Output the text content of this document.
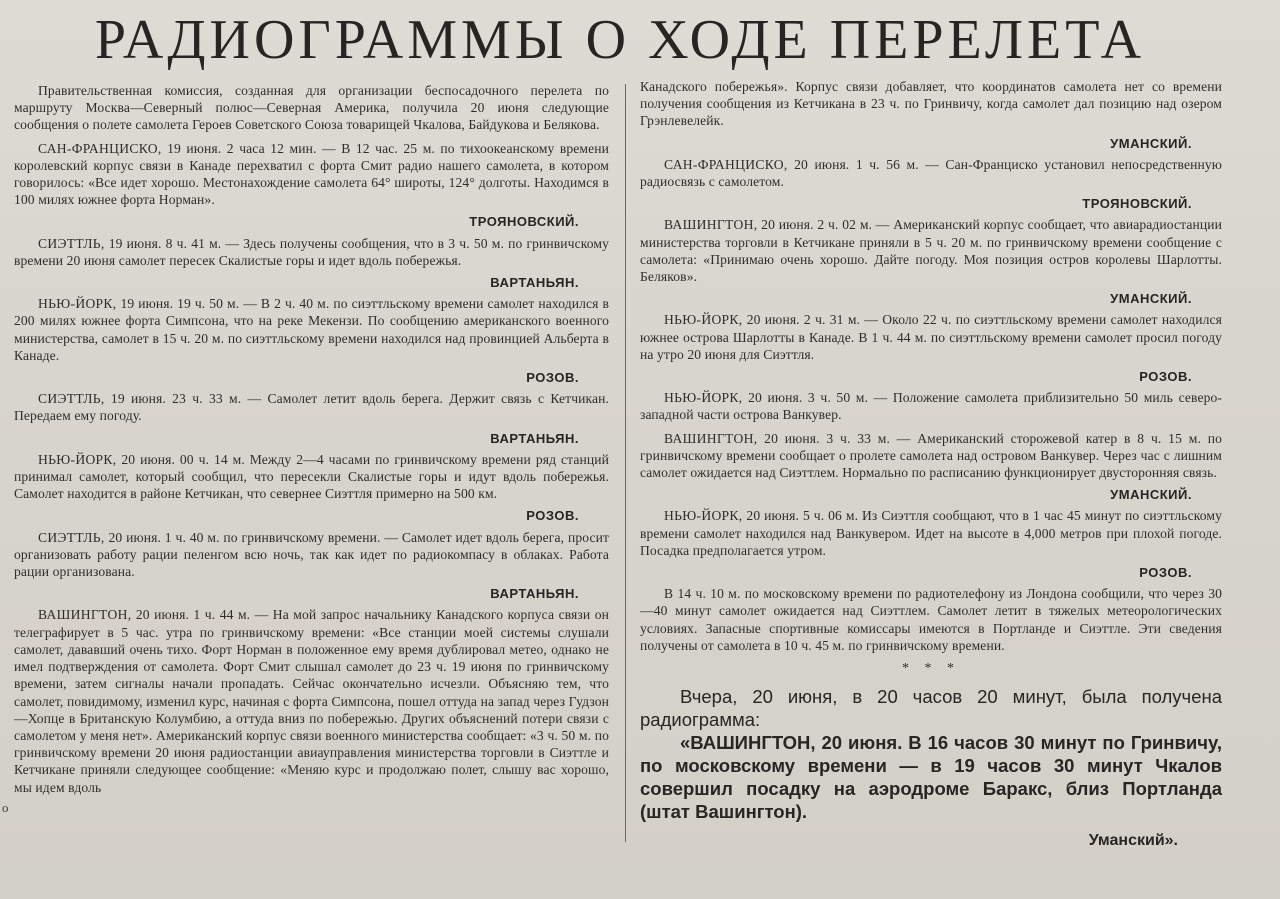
РАДИОГРАММЫ О ХОДЕ ПЕРЕЛЕТА

Правительственная комиссия, созданная для организации беспосадочного перелета по маршруту Москва—Северный полюс—Северная Америка, получила 20 июня следующие сообщения о полете самолета Героев Советского Союза товарищей Чкалова, Байдукова и Белякова.

САН-ФРАНЦИСКО, 19 июня. 2 часа 12 мин. — В 12 час. 25 м. по тихоокеанскому времени королевский корпус связи в Канаде перехватил с форта Смит радио нашего самолета, в котором говорилось: «Все идет хорошо. Местонахождение самолета 64° широты, 124° долготы. Находимся в 100 милях южнее форта Норман».

ТРОЯНОВСКИЙ.

СИЭТТЛЬ, 19 июня. 8 ч. 41 м. — Здесь получены сообщения, что в 3 ч. 50 м. по гринвичскому времени 20 июня самолет пересек Скалистые горы и идет вдоль побережья.

ВАРТАНЬЯН.

НЬЮ-ЙОРК, 19 июня. 19 ч. 50 м. — В 2 ч. 40 м. по сиэттльскому времени самолет находился в 200 милях южнее форта Симпсона, что на реке Мекензи. По сообщению американского военного министерства, самолет в 15 ч. 20 м. по сиэттльскому времени находился над провинцией Альберта в Канаде.

РОЗОВ.

СИЭТТЛЬ, 19 июня. 23 ч. 33 м. — Самолет летит вдоль берега. Держит связь с Кетчикан. Передаем ему погоду.

ВАРТАНЬЯН.

НЬЮ-ЙОРК, 20 июня. 00 ч. 14 м. Между 2—4 часами по гринвичскому времени ряд станций принимал самолет, который сообщил, что пересекли Скалистые горы и идут вдоль побережья. Самолет находится в районе Кетчикан, что севернее Сиэттля примерно на 500 км.

РОЗОВ.

СИЭТТЛЬ, 20 июня. 1 ч. 40 м. по гринвичскому времени. — Самолет идет вдоль берега, просит организовать работу рации пеленгом всю ночь, так как идет по радиокомпасу в облаках. Работа рации организована.

ВАРТАНЬЯН.

ВАШИНГТОН, 20 июня. 1 ч. 44 м. — На мой запрос начальнику Канадского корпуса связи он телеграфирует в 5 час. утра по гринвичскому времени: «Все станции моей системы слушали самолет, дававший очень тихо. Форт Норман в положенное ему время дублировал метео, однако не имел подтверждения от самолета. Форт Смит слышал самолет до 23 ч. 19 июня по гринвичскому времени, затем сигналы начали пропадать. Сейчас окончательно исчезли. Объясняю тем, что самолет, повидимому, изменил курс, начиная с форта Симпсона, пошел оттуда на запад через Гудзон—Хопце в Британскую Колумбию, а оттуда вниз по побережью. Других объяснений потери связи с самолетом у меня нет». Американский корпус связи военного министерства сообщает: «3 ч. 50 м. по гринвичскому времени 20 июня радиостанции авиауправления министерства торговли в Сиэттле и Кетчикане приняли следующее сообщение: «Меняю курс и продолжаю полет, слышу вас хорошо, мы идем вдоль

Канадского побережья». Корпус связи добавляет, что координатов самолета нет со времени получения сообщения из Кетчикана в 23 ч. по Гринвичу, когда самолет дал позицию над озером Грэнлевелейк.

УМАНСКИЙ.

САН-ФРАНЦИСКО, 20 июня. 1 ч. 56 м. — Сан-Франциско установил непосредственную радиосвязь с самолетом.

ТРОЯНОВСКИЙ.

ВАШИНГТОН, 20 июня. 2 ч. 02 м. — Американский корпус сообщает, что авиарадиостанции министерства торговли в Кетчикане приняли в 5 ч. 20 м. по гринвичскому времени сообщение с самолета: «Принимаю очень хорошо. Дайте погоду. Моя позиция остров королевы Шарлотты. Беляков».

УМАНСКИЙ.

НЬЮ-ЙОРК, 20 июня. 2 ч. 31 м. — Около 22 ч. по сиэттльскому времени самолет находился южнее острова Шарлотты в Канаде. В 1 ч. 44 м. по сиэттльскому времени самолет просил погоду на утро 20 июня для Сиэттля.

РОЗОВ.

НЬЮ-ЙОРК, 20 июня. 3 ч. 50 м. — Положение самолета приблизительно 50 миль северо-западной части острова Ванкувер.

ВАШИНГТОН, 20 июня. 3 ч. 33 м. — Американский сторожевой катер в 8 ч. 15 м. по гринвичскому времени сообщает о пролете самолета над островом Ванкувер. Через час с лишним самолет ожидается над Сиэттлем. Нормально по расписанию функционирует двусторонняя связь.

УМАНСКИЙ.

НЬЮ-ЙОРК, 20 июня. 5 ч. 06 м. Из Сиэттля сообщают, что в 1 час 45 минут по сиэттльскому времени самолет находился над Ванкувером. Идет на высоте в 4,000 метров при плохой погоде. Посадка предполагается утром.

РОЗОВ.

В 14 ч. 10 м. по московскому времени по радиотелефону из Лондона сообщили, что через 30—40 минут самолет ожидается над Сиэттлем. Самолет летит в тяжелых метеорологических условиях. Запасные спортивные комиссары имеются в Портланде и Сиэттле. Эти сведения получены от самолета в 10 ч. 45 м. по гринвичскому времени.

* * *

Вчера, 20 июня, в 20 часов 20 минут, была получена радиограмма:

«ВАШИНГТОН, 20 июня. В 16 часов 30 минут по Гринвичу, по московскому времени — в 19 часов 30 минут Чкалов совершил посадку на аэродроме Баракс, близ Портланда (штат Вашингтон).

Уманский».
о
